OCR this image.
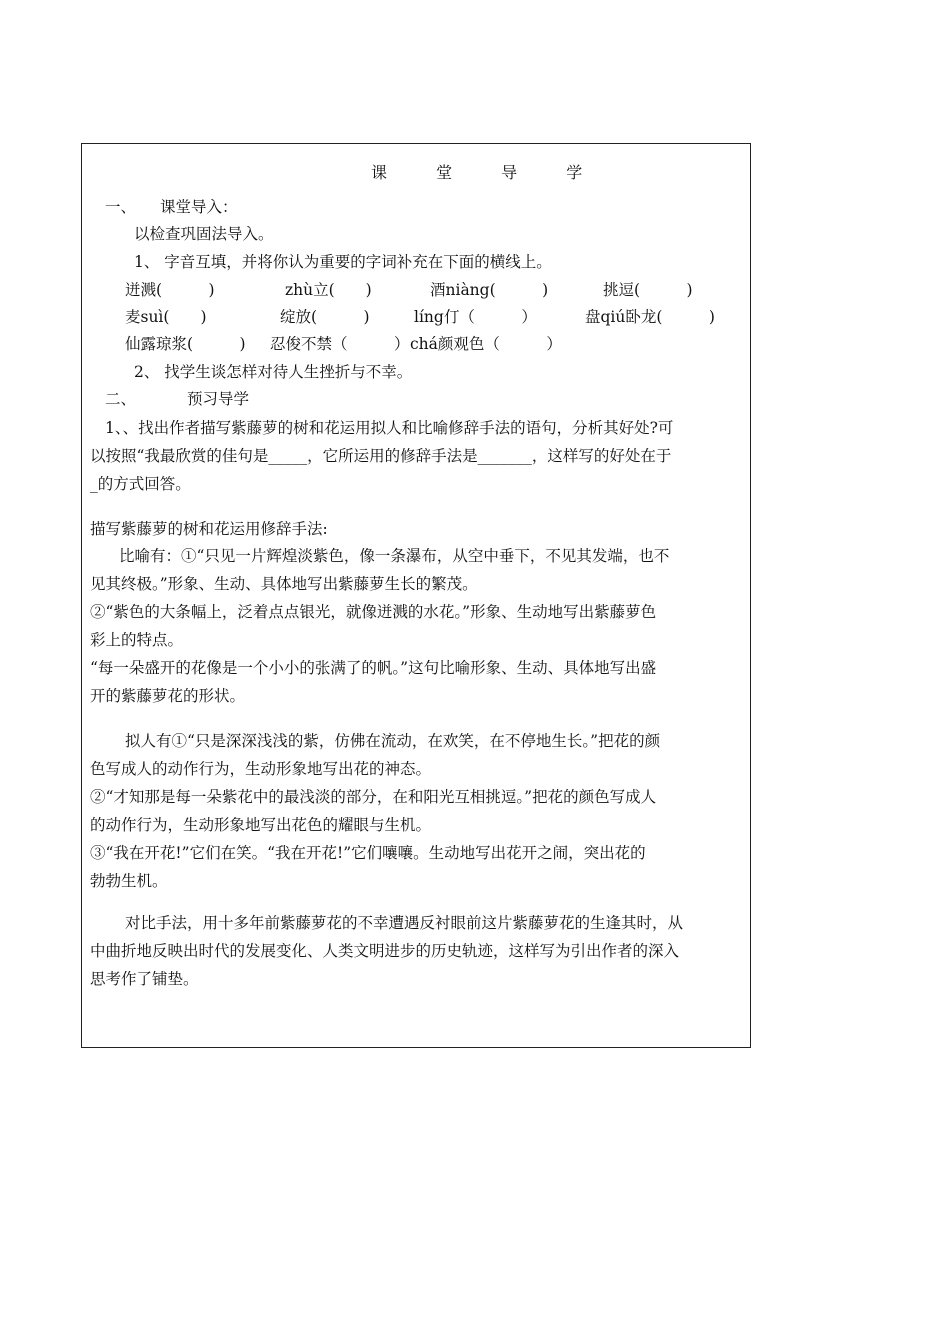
课 堂 导 学
一、 课堂导入：
以检查巩固法导入。
1、 字音互填，并将你认为重要的字词补充在下面的横线上。
迸溅(　　　)	zhù立(　　)	酒niàng(　　　)	挑逗(　　　)
麦suì(　　)	绽放(　　　)	líng仃（　　　）	盘qiú卧龙(　　　)
仙露琼浆(　　　) 忍俊不禁（　　　） chá颜观色（　　　）
2、 找学生谈怎样对待人生挫折与不幸。
二、	预习导学
1、、找出作者描写紫藤萝的树和花运用拟人和比喻修辞手法的语句，分析其好处?可
以按照“我最欣赏的佳句是_____，它所运用的修辞手法是_______，这样写的好处在于
_的方式回答。
描写紫藤萝的树和花运用修辞手法:
比喻有：①“只见一片辉煌淡紫色，像一条瀑布，从空中垂下，不见其发端，也不
见其终极。”形象、生动、具体地写出紫藤萝生长的繁茂。
②“紫色的大条幅上，泛着点点银光，就像迸溅的水花。”形象、生动地写出紫藤萝色
彩上的特点。
“每一朵盛开的花像是一个小小的张满了的帆。”这句比喻形象、生动、具体地写出盛
开的紫藤萝花的形状。
拟人有①“只是深深浅浅的紫，仿佛在流动，在欢笑，在不停地生长。”把花的颜
色写成人的动作行为，生动形象地写出花的神态。
②“才知那是每一朵紫花中的最浅淡的部分，在和阳光互相挑逗。”把花的颜色写成人
的动作行为，生动形象地写出花色的耀眼与生机。
③“我在开花!”它们在笑。“我在开花!”它们嚷嚷。生动地写出花开之闹，突出花的
勃勃生机。
对比手法，用十多年前紫藤萝花的不幸遭遇反衬眼前这片紫藤萝花的生逢其时，从
中曲折地反映出时代的发展变化、人类文明进步的历史轨迹，这样写为引出作者的深入
思考作了铺垫。
